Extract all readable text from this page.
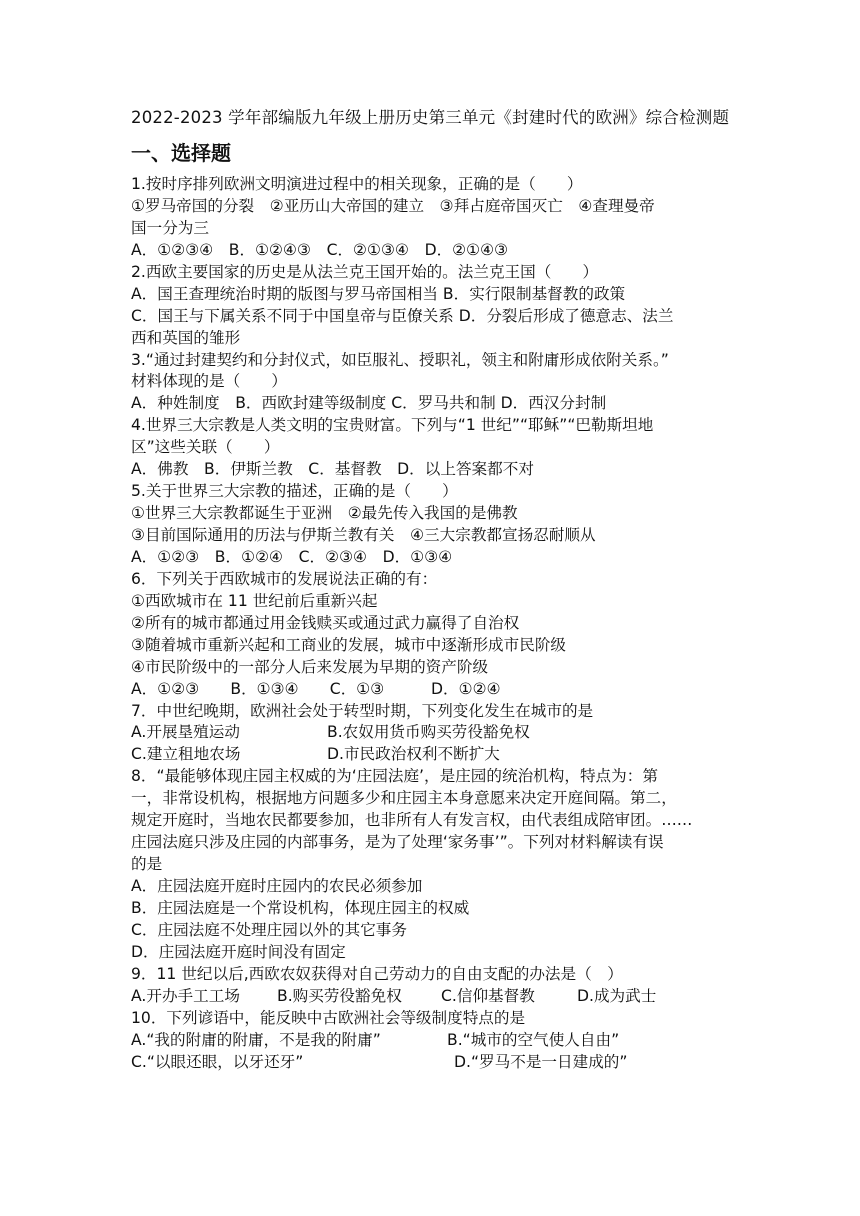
2022-2023 学年部编版九年级上册历史第三单元《封建时代的欧洲》综合检测题
一、选择题
1.按时序排列欧洲文明演进过程中的相关现象，正确的是（　　）
①罗马帝国的分裂　②亚历山大帝国的建立　③拜占庭帝国灭亡　④查理曼帝
国一分为三
A．①②③④　B．①②④③　C．②①③④　D．②①④③
2.西欧主要国家的历史是从法兰克王国开始的。法兰克王国（　　）
A．国王查理统治时期的版图与罗马帝国相当 B．实行限制基督教的政策
C．国王与下属关系不同于中国皇帝与臣僚关系 D．分裂后形成了德意志、法兰
西和英国的雏形
3.“通过封建契约和分封仪式，如臣服礼、授职礼，领主和附庸形成依附关系。”
材料体现的是（　　）
A．种姓制度　B．西欧封建等级制度 C．罗马共和制 D．西汉分封制
4.世界三大宗教是人类文明的宝贵财富。下列与“1 世纪”“耶稣”“巴勒斯坦地
区”这些关联（　　）
A．佛教　B．伊斯兰教　C．基督教　D．以上答案都不对
5.关于世界三大宗教的描述，正确的是（　　）
①世界三大宗教都诞生于亚洲　②最先传入我国的是佛教
③目前国际通用的历法与伊斯兰教有关　④三大宗教都宣扬忍耐顺从
A．①②③　B．①②④　C．②③④　D．①③④
6．下列关于西欧城市的发展说法正确的有：
①西欧城市在 11 世纪前后重新兴起
②所有的城市都通过用金钱赎买或通过武力赢得了自治权
③随着城市重新兴起和工商业的发展，城市中逐渐形成市民阶级
④市民阶级中的一部分人后来发展为早期的资产阶级
A．①②③　　B．①③④　　C．①③　　　D．①②④
7．中世纪晚期，欧洲社会处于转型时期，下列变化发生在城市的是
A.开展垦殖运动	B.农奴用货币购买劳役豁免权
C.建立租地农场	D.市民政治权利不断扩大
8．“最能够体现庄园主权威的为‘庄园法庭’，是庄园的统治机构，特点为：第
一，非常设机构，根据地方问题多少和庄园主本身意愿来决定开庭间隔。第二，
规定开庭时，当地农民都要参加，也非所有人有发言权，由代表组成陪审团。……
庄园法庭只涉及庄园的内部事务，是为了处理‘家务事’”。下列对材料解读有误
的是
A．庄园法庭开庭时庄园内的农民必须参加
B．庄园法庭是一个常设机构，体现庄园主的权威
C．庄园法庭不处理庄园以外的其它事务
D．庄园法庭开庭时间没有固定
9．11 世纪以后,西欧农奴获得对自己劳动力的自由支配的办法是（　）
A.开办手工工场	B.购买劳役豁免权	C.信仰基督教	D.成为武士
10．下列谚语中，能反映中古欧洲社会等级制度特点的是
A.“我的附庸的附庸，不是我的附庸”	B.“城市的空气使人自由”
C.“以眼还眼，以牙还牙”	D.“罗马不是一日建成的”
